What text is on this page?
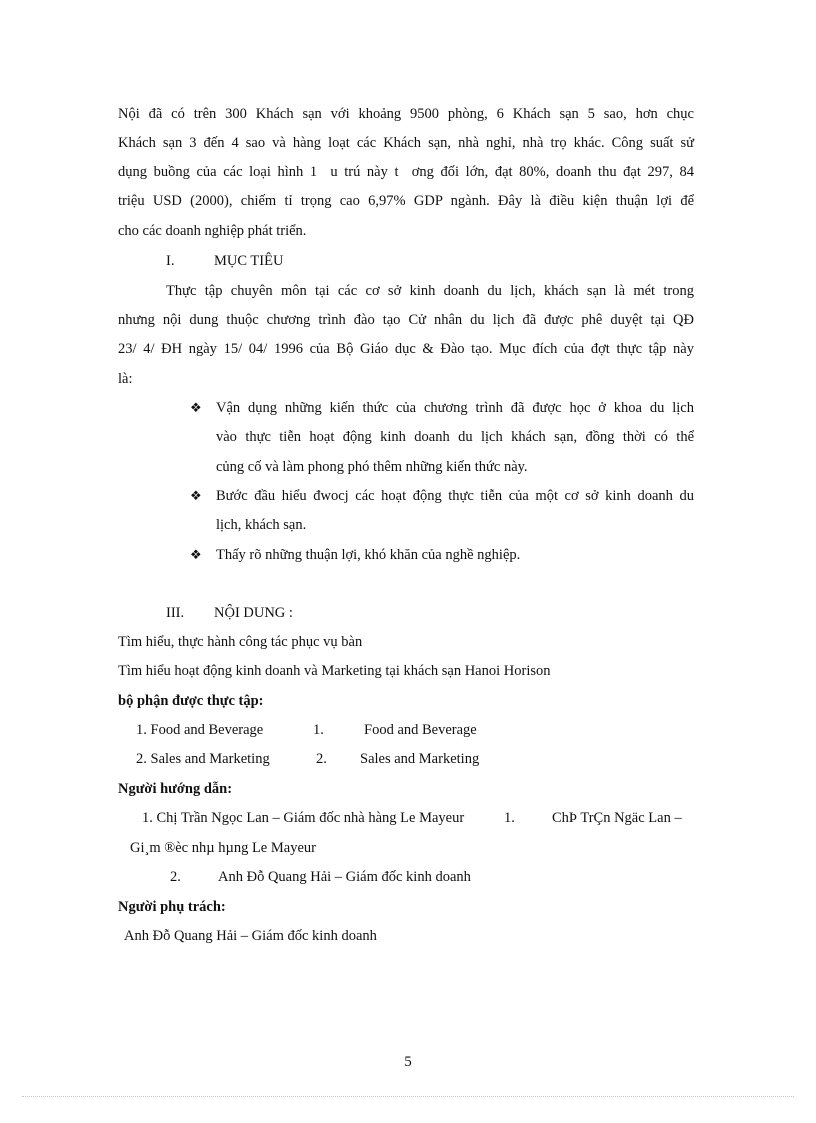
Nội đã có trên 300 Khách sạn với khoảng 9500 phòng, 6 Khách sạn 5 sao, hơn chục
Khách sạn 3 đến 4 sao và hàng loạt các Khách sạn, nhà nghỉ, nhà trọ khác. Công suất sử
dụng buồng của các loại hình 1  u trú này t  ơng đối lớn, đạt 80%, doanh thu đạt 297, 84
triệu USD (2000), chiếm tỉ trọng cao 6,97% GDP ngành. Đây là điều kiện thuận lợi để
cho các doanh nghiệp phát triển.
I.	MỤC TIÊU
Thực tập chuyên môn tại các cơ sở kinh doanh du lịch, khách sạn là mét trong
nhưng nội dung thuộc chương trình đào tạo Cử nhân du lịch đã được phê duyệt tại QĐ
23/ 4/ ĐH ngày 15/ 04/ 1996 của Bộ Giáo dục & Đào tạo. Mục đích của đợt thực tập này
là:
❖ Vận dụng những kiến thức của chương trình đã được học ở khoa du lịch
vào thực tiễn hoạt động kinh doanh du lịch khách sạn, đồng thời có thể
củng cố và làm phong phó thêm những kiến thức này.
❖ Bước đầu hiểu đwocj các hoạt động thực tiễn của một cơ sở kinh doanh du
lịch, khách sạn.
❖ Thấy rõ những thuận lợi, khó khăn của nghề nghiệp.
III. NỘI DUNG :
Tìm hiểu, thực hành công tác phục vụ bàn
Tìm hiểu hoạt động kinh doanh và Marketing tại khách sạn Hanoi Horison
bộ phận được thực tập:
1. Food and Beverage	1.	Food and Beverage
2. Sales and Marketing	2. Sales and Marketing
Người hướng dẫn:
1. Chị Trần Ngọc Lan – Giám đốc nhà hàng Le Mayeur	1.	ChÞ TrÇn Ngäc Lan –
Gi¸m ®èc nhµ hµng Le Mayeur
2.	Anh Đỗ Quang Hải – Giám đốc kinh doanh
Người phụ trách:
Anh Đỗ Quang Hải – Giám đốc kinh doanh
5
